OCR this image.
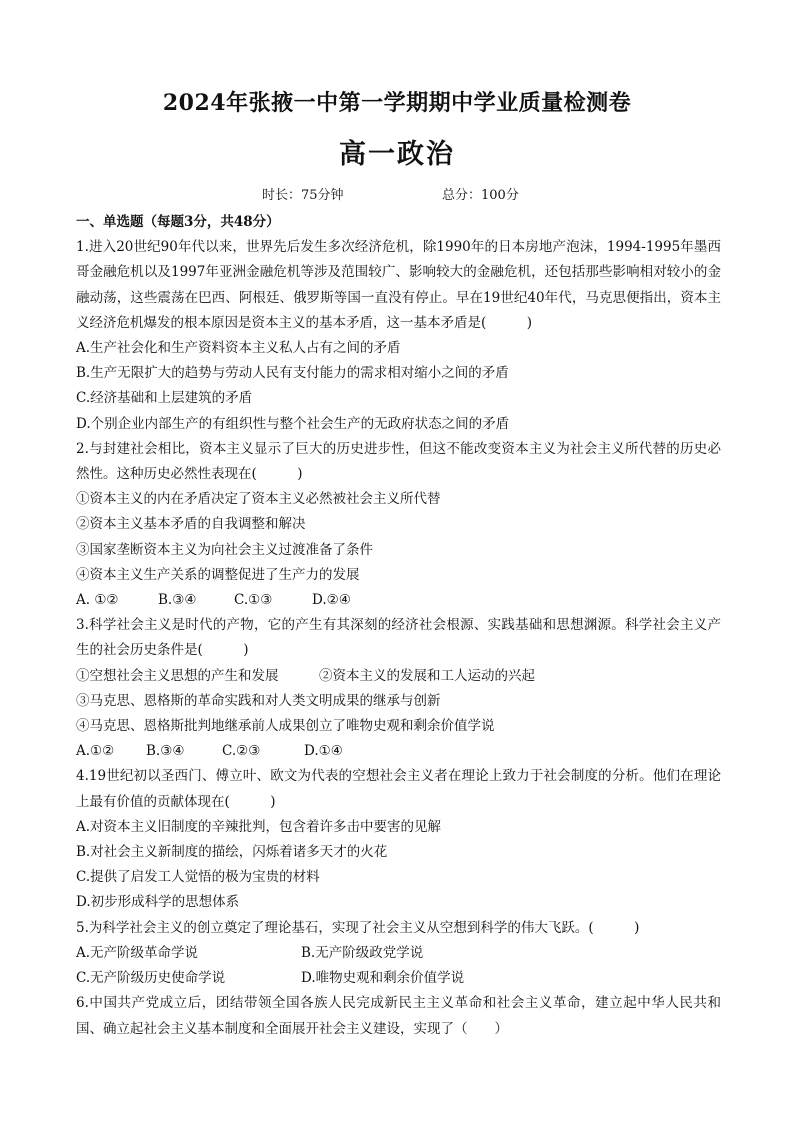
2024年张掖一中第一学期期中学业质量检测卷
高一政治
时长：75分钟	总分：100分

一、单选题（每题3分，共48分）

1.进入20世纪90年代以来，世界先后发生多次经济危机，除1990年的日本房地产泡沫，1994-1995年墨西哥金融危机以及1997年亚洲金融危机等涉及范围较广、影响较大的金融危机，还包括那些影响相对较小的金融动荡，这些震荡在巴西、阿根廷、俄罗斯等国一直没有停止。早在19世纪40年代，马克思便指出，资本主义经济危机爆发的根本原因是资本主义的基本矛盾，这一基本矛盾是(　　　)

A.生产社会化和生产资料资本主义私人占有之间的矛盾

B.生产无限扩大的趋势与劳动人民有支付能力的需求相对缩小之间的矛盾

C.经济基础和上层建筑的矛盾

D.个别企业内部生产的有组织性与整个社会生产的无政府状态之间的矛盾

2.与封建社会相比，资本主义显示了巨大的历史进步性，但这不能改变资本主义为社会主义所代替的历史必然性。这种历史必然性表现在(　　　)

①资本主义的内在矛盾决定了资本主义必然被社会主义所代替

②资本主义基本矛盾的自我调整和解决

③国家垄断资本主义为向社会主义过渡准备了条件

④资本主义生产关系的调整促进了生产力的发展

A. ①②	B.③④	C.①③	D.②④

3.科学社会主义是时代的产物，它的产生有其深刻的经济社会根源、实践基础和思想渊源。科学社会主义产生的社会历史条件是(　　　)

①空想社会主义思想的产生和发展	②资本主义的发展和工人运动的兴起

③马克思、恩格斯的革命实践和对人类文明成果的继承与创新

④马克思、恩格斯批判地继承前人成果创立了唯物史观和剩余价值学说

A.①② B.③④	C.②③	D.①④

4.19世纪初以圣西门、傅立叶、欧文为代表的空想社会主义者在理论上致力于社会制度的分析。他们在理论上最有价值的贡献体现在(　　　)

A.对资本主义旧制度的辛辣批判，包含着许多击中要害的见解

B.对社会主义新制度的描绘，闪烁着诸多天才的火花

C.提供了启发工人觉悟的极为宝贵的材料

D.初步形成科学的思想体系

5.为科学社会主义的创立奠定了理论基石，实现了社会主义从空想到科学的伟大飞跃。(　　　)

A.无产阶级革命学说	B.无产阶级政党学说

C.无产阶级历史使命学说	D.唯物史观和剩余价值学说

6.中国共产党成立后，团结带领全国各族人民完成新民主主义革命和社会主义革命，建立起中华人民共和国、确立起社会主义基本制度和全面展开社会主义建设，实现了（　　）
